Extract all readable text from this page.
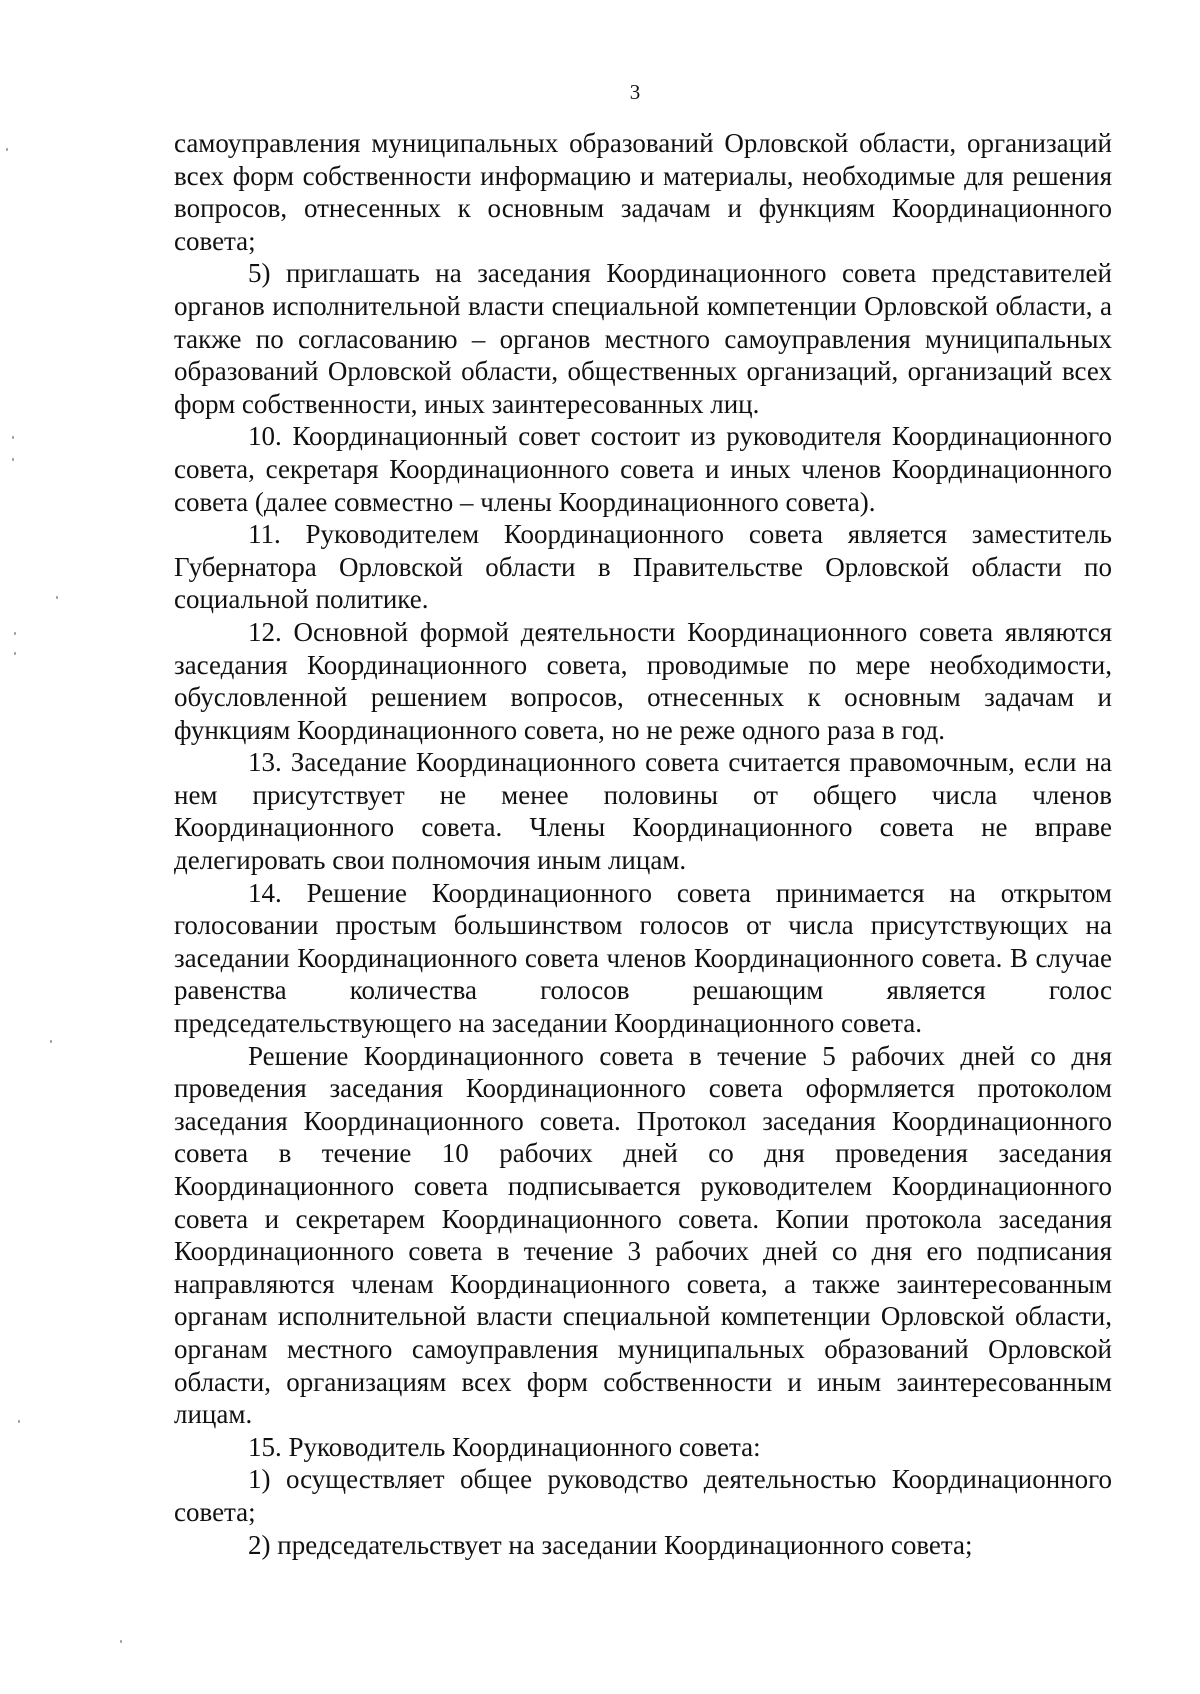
3

самоуправления муниципальных образований Орловской области, организаций всех форм собственности информацию и материалы, необходимые для решения вопросов, отнесенных к основным задачам и функциям Координационного совета;

5) приглашать на заседания Координационного совета представителей органов исполнительной власти специальной компетенции Орловской области, а также по согласованию – органов местного самоуправления муниципальных образований Орловской области, общественных организаций, организаций всех форм собственности, иных заинтересованных лиц.

10. Координационный совет состоит из руководителя Координационного совета, секретаря Координационного совета и иных членов Координационного совета (далее совместно – члены Координационного совета).

11. Руководителем Координационного совета является заместитель Губернатора Орловской области в Правительстве Орловской области по социальной политике.

12. Основной формой деятельности Координационного совета являются заседания Координационного совета, проводимые по мере необходимости, обусловленной решением вопросов, отнесенных к основным задачам и функциям Координационного совета, но не реже одного раза в год.

13. Заседание Координационного совета считается правомочным, если на нем присутствует не менее половины от общего числа членов Координационного совета. Члены Координационного совета не вправе делегировать свои полномочия иным лицам.

14. Решение Координационного совета принимается на открытом голосовании простым большинством голосов от числа присутствующих на заседании Координационного совета членов Координационного совета. В случае равенства количества голосов решающим является голос председательствующего на заседании Координационного совета.

Решение Координационного совета в течение 5 рабочих дней со дня проведения заседания Координационного совета оформляется протоколом заседания Координационного совета. Протокол заседания Координационного совета в течение 10 рабочих дней со дня проведения заседания Координационного совета подписывается руководителем Координационного совета и секретарем Координационного совета. Копии протокола заседания Координационного совета в течение 3 рабочих дней со дня его подписания направляются членам Координационного совета, а также заинтересованным органам исполнительной власти специальной компетенции Орловской области, органам местного самоуправления муниципальных образований Орловской области, организациям всех форм собственности и иным заинтересованным лицам.

15. Руководитель Координационного совета:

1) осуществляет общее руководство деятельностью Координационного совета;

2) председательствует на заседании Координационного совета;
